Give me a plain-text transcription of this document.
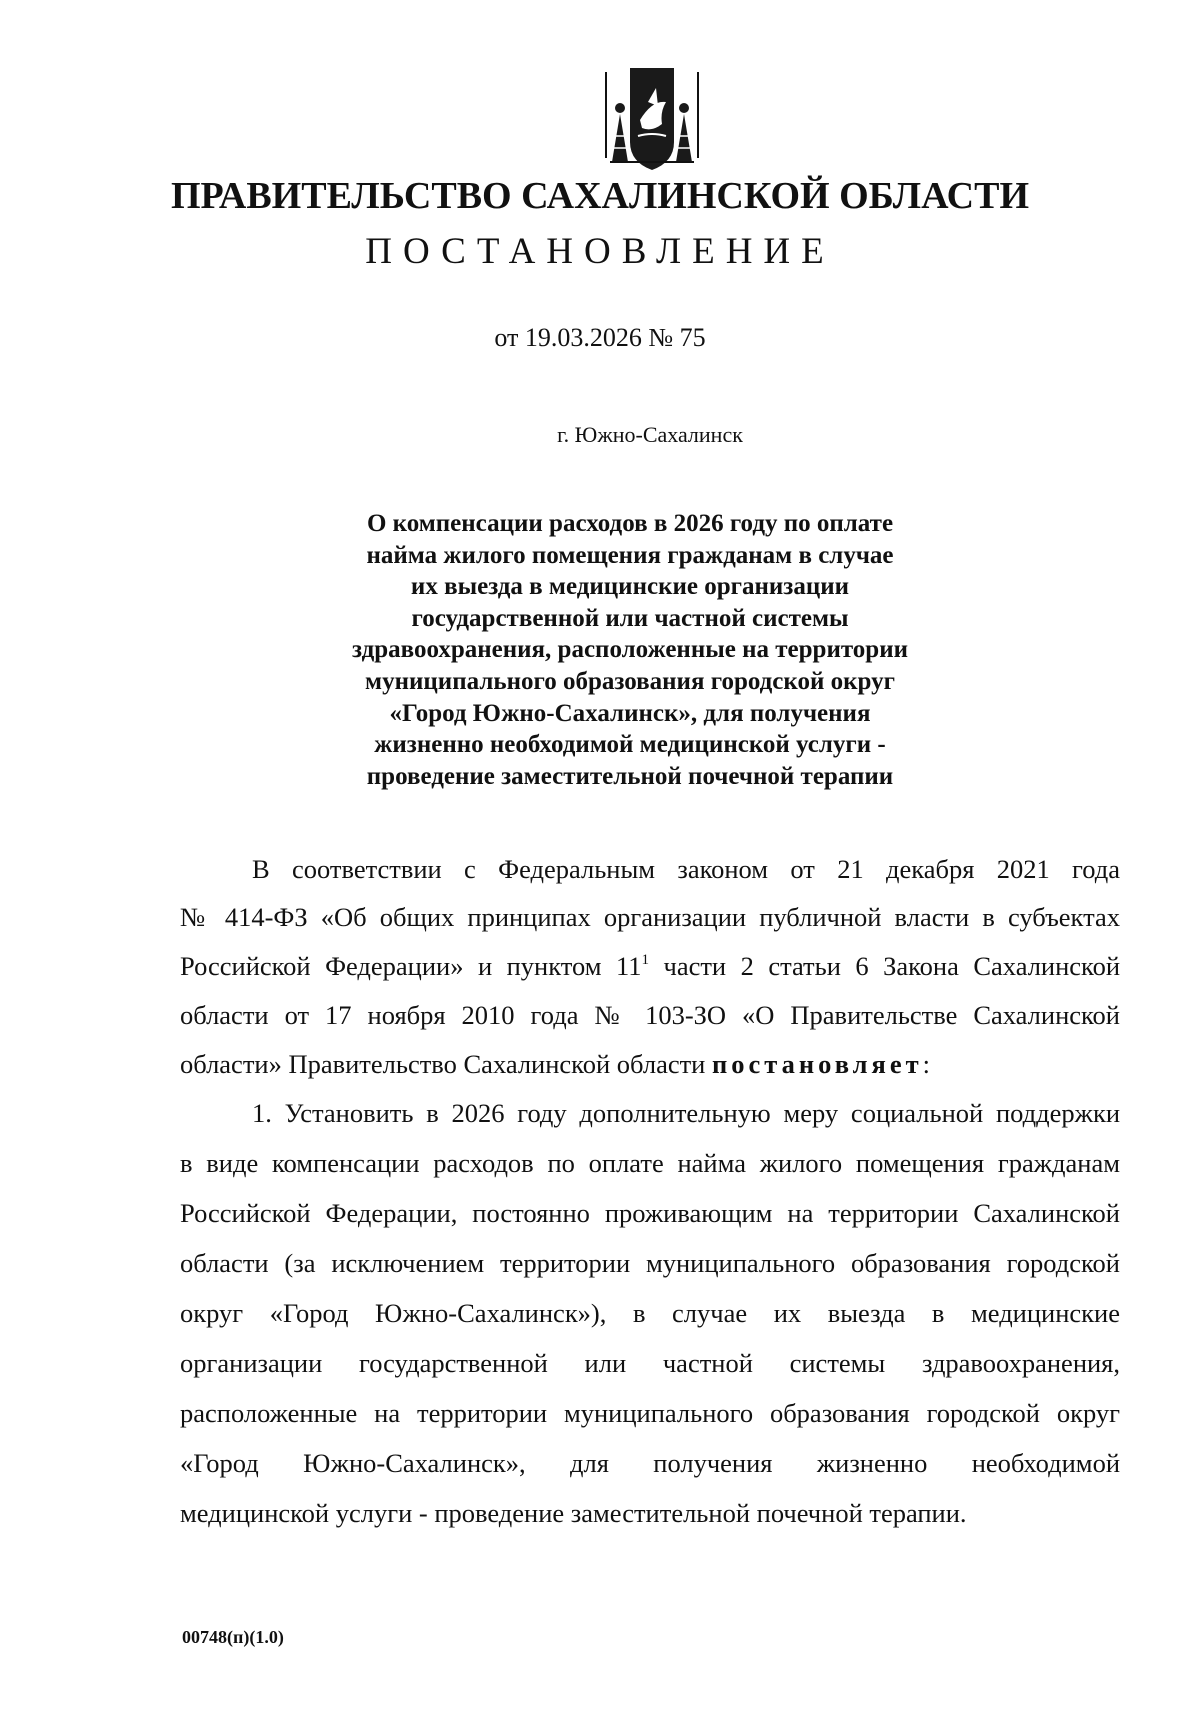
ПРАВИТЕЛЬСТВО САХАЛИНСКОЙ ОБЛАСТИ
ПОСТАНОВЛЕНИЕ
от 19.03.2026 № 75
г. Южно-Сахалинск
О компенсации расходов в 2026 году по оплате
найма жилого помещения гражданам в случае
их выезда в медицинские организации
государственной или частной системы
здравоохранения, расположенные на территории
муниципального образования городской округ
«Город Южно-Сахалинск», для получения
жизненно необходимой медицинской услуги -
проведение заместительной почечной терапии
В соответствии с Федеральным законом от 21 декабря 2021 года
№ 414-ФЗ «Об общих принципах организации публичной власти в субъектах
Российской Федерации» и пунктом $11^1$ части 2 статьи 6 Закона Сахалинской
области от 17 ноября 2010 года № 103-ЗО «О Правительстве Сахалинской
области» Правительство Сахалинской области постановляет:
1. Установить в 2026 году дополнительную меру социальной поддержки
в виде компенсации расходов по оплате найма жилого помещения гражданам
Российской Федерации, постоянно проживающим на территории Сахалинской
области (за исключением территории муниципального образования городской
округ «Город Южно-Сахалинск»), в случае их выезда в медицинские
организации государственной или частной системы здравоохранения,
расположенные на территории муниципального образования городской округ
«Город Южно-Сахалинск», для получения жизненно необходимой
медицинской услуги - проведение заместительной почечной терапии.
00748(п)(1.0)
